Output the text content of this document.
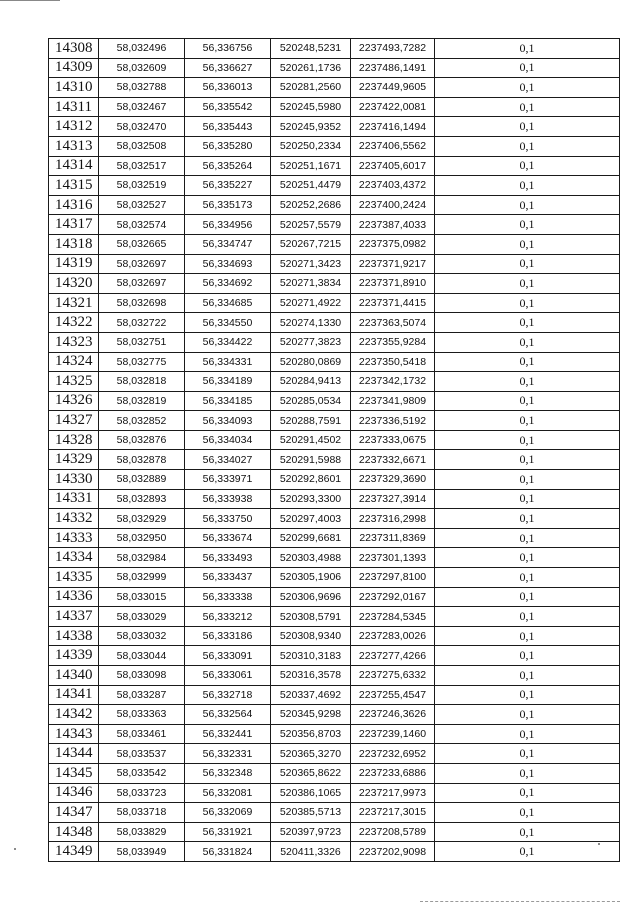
14308	58,032496	56,336756	520248,5231	2237493,7282	0,1
14309	58,032609	56,336627	520261,1736	2237486,1491	0,1
14310	58,032788	56,336013	520281,2560	2237449,9605	0,1
14311	58,032467	56,335542	520245,5980	2237422,0081	0,1
14312	58,032470	56,335443	520245,9352	2237416,1494	0,1
14313	58,032508	56,335280	520250,2334	2237406,5562	0,1
14314	58,032517	56,335264	520251,1671	2237405,6017	0,1
14315	58,032519	56,335227	520251,4479	2237403,4372	0,1
14316	58,032527	56,335173	520252,2686	2237400,2424	0,1
14317	58,032574	56,334956	520257,5579	2237387,4033	0,1
14318	58,032665	56,334747	520267,7215	2237375,0982	0,1
14319	58,032697	56,334693	520271,3423	2237371,9217	0,1
14320	58,032697	56,334692	520271,3834	2237371,8910	0,1
14321	58,032698	56,334685	520271,4922	2237371,4415	0,1
14322	58,032722	56,334550	520274,1330	2237363,5074	0,1
14323	58,032751	56,334422	520277,3823	2237355,9284	0,1
14324	58,032775	56,334331	520280,0869	2237350,5418	0,1
14325	58,032818	56,334189	520284,9413	2237342,1732	0,1
14326	58,032819	56,334185	520285,0534	2237341,9809	0,1
14327	58,032852	56,334093	520288,7591	2237336,5192	0,1
14328	58,032876	56,334034	520291,4502	2237333,0675	0,1
14329	58,032878	56,334027	520291,5988	2237332,6671	0,1
14330	58,032889	56,333971	520292,8601	2237329,3690	0,1
14331	58,032893	56,333938	520293,3300	2237327,3914	0,1
14332	58,032929	56,333750	520297,4003	2237316,2998	0,1
14333	58,032950	56,333674	520299,6681	2237311,8369	0,1
14334	58,032984	56,333493	520303,4988	2237301,1393	0,1
14335	58,032999	56,333437	520305,1906	2237297,8100	0,1
14336	58,033015	56,333338	520306,9696	2237292,0167	0,1
14337	58,033029	56,333212	520308,5791	2237284,5345	0,1
14338	58,033032	56,333186	520308,9340	2237283,0026	0,1
14339	58,033044	56,333091	520310,3183	2237277,4266	0,1
14340	58,033098	56,333061	520316,3578	2237275,6332	0,1
14341	58,033287	56,332718	520337,4692	2237255,4547	0,1
14342	58,033363	56,332564	520345,9298	2237246,3626	0,1
14343	58,033461	56,332441	520356,8703	2237239,1460	0,1
14344	58,033537	56,332331	520365,3270	2237232,6952	0,1
14345	58,033542	56,332348	520365,8622	2237233,6886	0,1
14346	58,033723	56,332081	520386,1065	2237217,9973	0,1
14347	58,033718	56,332069	520385,5713	2237217,3015	0,1
14348	58,033829	56,331921	520397,9723	2237208,5789	0,1
14349	58,033949	56,331824	520411,3326	2237202,9098	0,1
